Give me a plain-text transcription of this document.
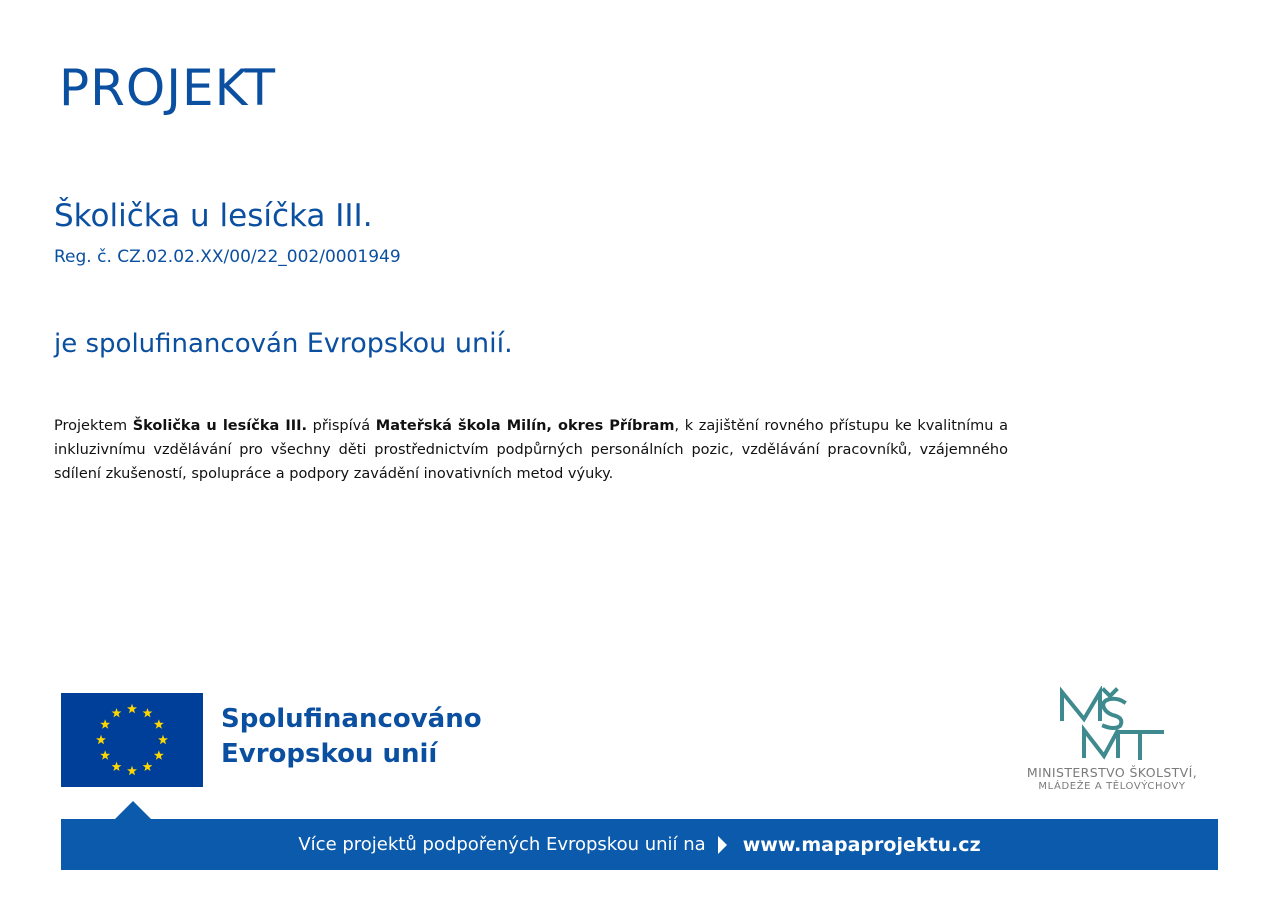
PROJEKT
Školička u lesíčka III.
Reg. č. CZ.02.02.XX/00/22_002/0001949
je spolufinancován Evropskou unií.

Projektem Školička u lesíčka III. přispívá Mateřská škola Milín, okres Příbram, k zajištění rovného přístupu ke kvalitnímu a inkluzivnímu vzdělávání pro všechny děti prostřednictvím podpůrných personálních pozic, vzdělávání pracovníků, vzájemného sdílení zkušeností, spolupráce a podpory zavádění inovativních metod výuky.

Spolufinancováno
Evropskou unií
MINISTERSTVO ŠKOLSTVÍ,
MLÁDEŽE A TĚLOVÝCHOVY
Více projektů podpořených Evropskou unií na www.mapaprojektu.cz
